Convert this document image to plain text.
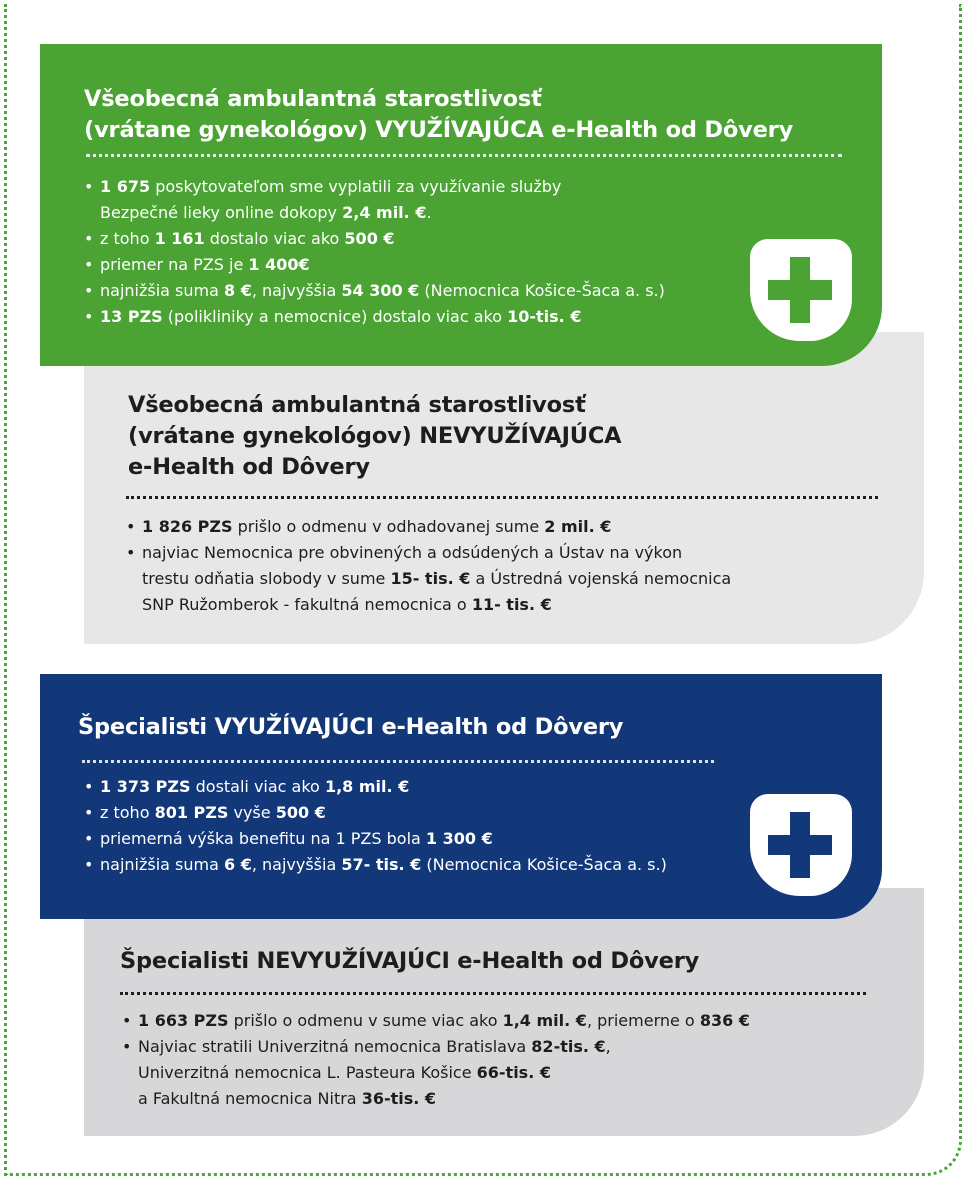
Všeobecná ambulantná starostlivosť
(vrátane gynekológov) VYUŽÍVAJÚCA e-Health od Dôvery
• 1 675 poskytovateľom sme vyplatili za využívanie služby
Bezpečné lieky online dokopy 2,4 mil. €.
• z toho 1 161 dostalo viac ako 500 €
• priemer na PZS je 1 400€
• najnižšia suma 8 €, najvyššia 54 300 € (Nemocnica Košice-Šaca a. s.)
• 13 PZS (polikliniky a nemocnice) dostalo viac ako 10-tis. €
Všeobecná ambulantná starostlivosť
(vrátane gynekológov) NEVYUŽÍVAJÚCA
e-Health od Dôvery
• 1 826 PZS prišlo o odmenu v odhadovanej sume 2 mil. €
• najviac Nemocnica pre obvinených a odsúdených a Ústav na výkon
trestu odňatia slobody v sume 15- tis. € a Ústredná vojenská nemocnica
SNP Ružomberok - fakultná nemocnica o 11- tis. €
Špecialisti VYUŽÍVAJÚCI e-Health od Dôvery
• 1 373 PZS dostali viac ako 1,8 mil. €
• z toho 801 PZS vyše 500 €
• priemerná výška benefitu na 1 PZS bola 1 300 €
• najnižšia suma 6 €, najvyššia 57- tis. € (Nemocnica Košice-Šaca a. s.)
Špecialisti NEVYUŽÍVAJÚCI e-Health od Dôvery
• 1 663 PZS prišlo o odmenu v sume viac ako 1,4 mil. €, priemerne o 836 €
• Najviac stratili Univerzitná nemocnica Bratislava 82-tis. €,
Univerzitná nemocnica L. Pasteura Košice 66-tis. €
a Fakultná nemocnica Nitra 36-tis. €
